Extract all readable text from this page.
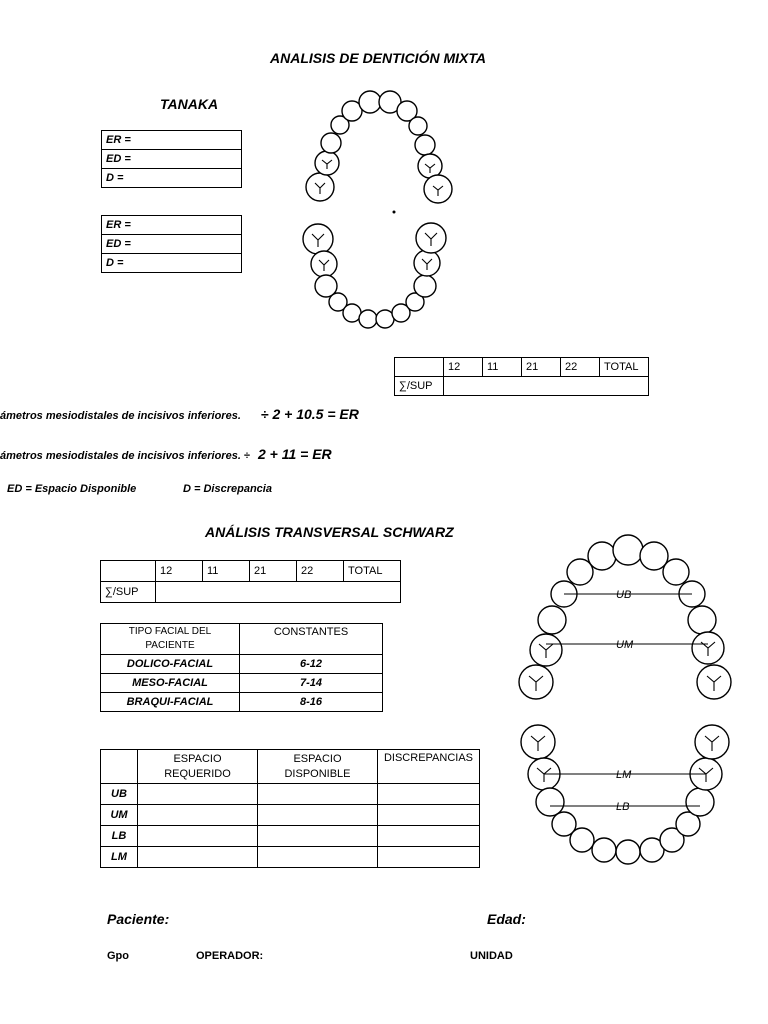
ANALISIS DE DENTICIÓN MIXTA
TANAKA
ER =
ED =
D =
ER =
ED =
D =
	12	11	21	22	TOTAL
∑/SUP					
ámetros mesiodistales de incisivos inferiores. ÷ 2 + 10.5 = ER
ámetros mesiodistales de incisivos inferiores. ÷ 2 + 11 = ER
ED = Espacio Disponible	D = Discrepancia
ANÁLISIS TRANSVERSAL SCHWARZ
	12	11	21	22	TOTAL
∑/SUP					
TIPO FACIAL DEL PACIENTE	CONSTANTES
DOLICO-FACIAL	6-12
MESO-FACIAL	7-14
BRAQUI-FACIAL	8-16
	ESPACIO REQUERIDO	ESPACIO DISPONIBLE	DISCREPANCIAS
UB			
UM			
LB			
LM			
UB
UM
LM
LB
Paciente:	Edad:
Gpo	OPERADOR:	UNIDAD
